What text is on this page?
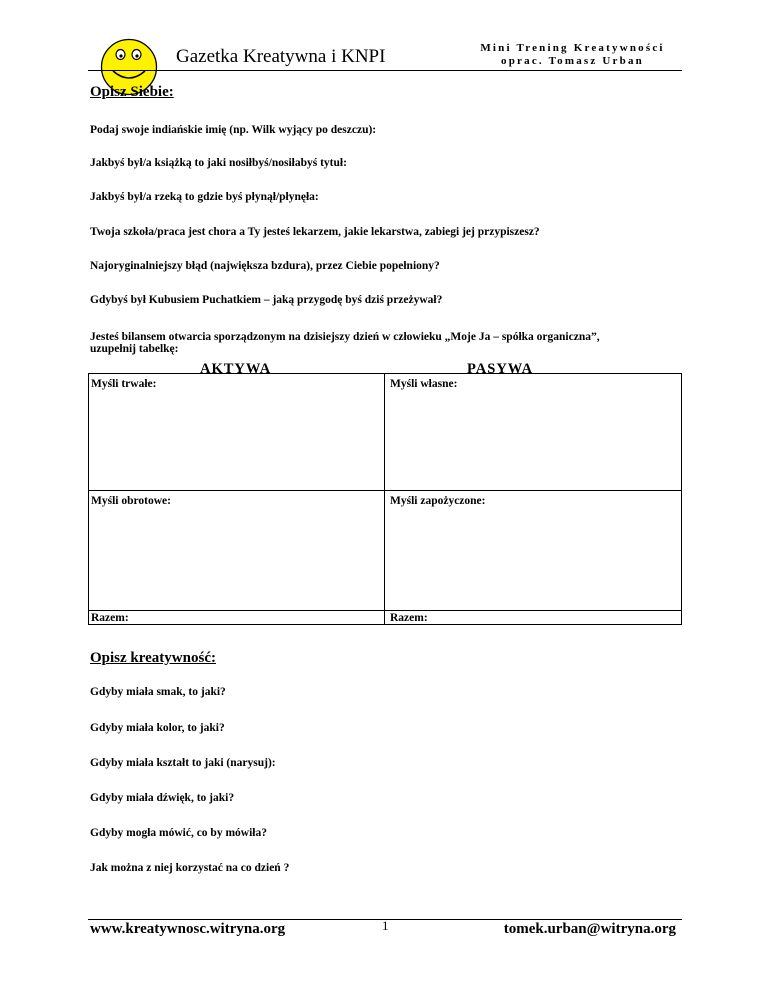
Gazetka Kreatywna i KNPI	Mini Trening Kreatywności
oprac. Tomasz Urban
Opisz Siebie:
Podaj swoje indiańskie imię (np. Wilk wyjący po deszczu):
Jakbyś był/a książką to jaki nosiłbyś/nosiłabyś tytuł:
Jakbyś był/a rzeką to gdzie byś płynął/płynęła:
Twoja szkoła/praca jest chora a Ty jesteś lekarzem, jakie lekarstwa, zabiegi jej przypiszesz?
Najoryginalniejszy błąd (największa bzdura), przez Ciebie popełniony?
Gdybyś był Kubusiem Puchatkiem – jaką przygodę byś dziś przeżywał?
Jesteś bilansem otwarcia sporządzonym na dzisiejszy dzień w człowieku „Moje Ja – spółka organiczna”,
uzupełnij tabelkę:
AKTYWA	PASYWA
Myśli trwałe:	Myśli własne:
Myśli obrotowe:	Myśli zapożyczone:
Razem:	Razem:
Opisz kreatywność:
Gdyby miała smak, to jaki?
Gdyby miała kolor, to jaki?
Gdyby miała kształt to jaki (narysuj):
Gdyby miała dźwięk, to jaki?
Gdyby mogła mówić, co by mówiła?
Jak można z niej korzystać na co dzień ?
www.kreatywnosc.witryna.org	1	tomek.urban@witryna.org
